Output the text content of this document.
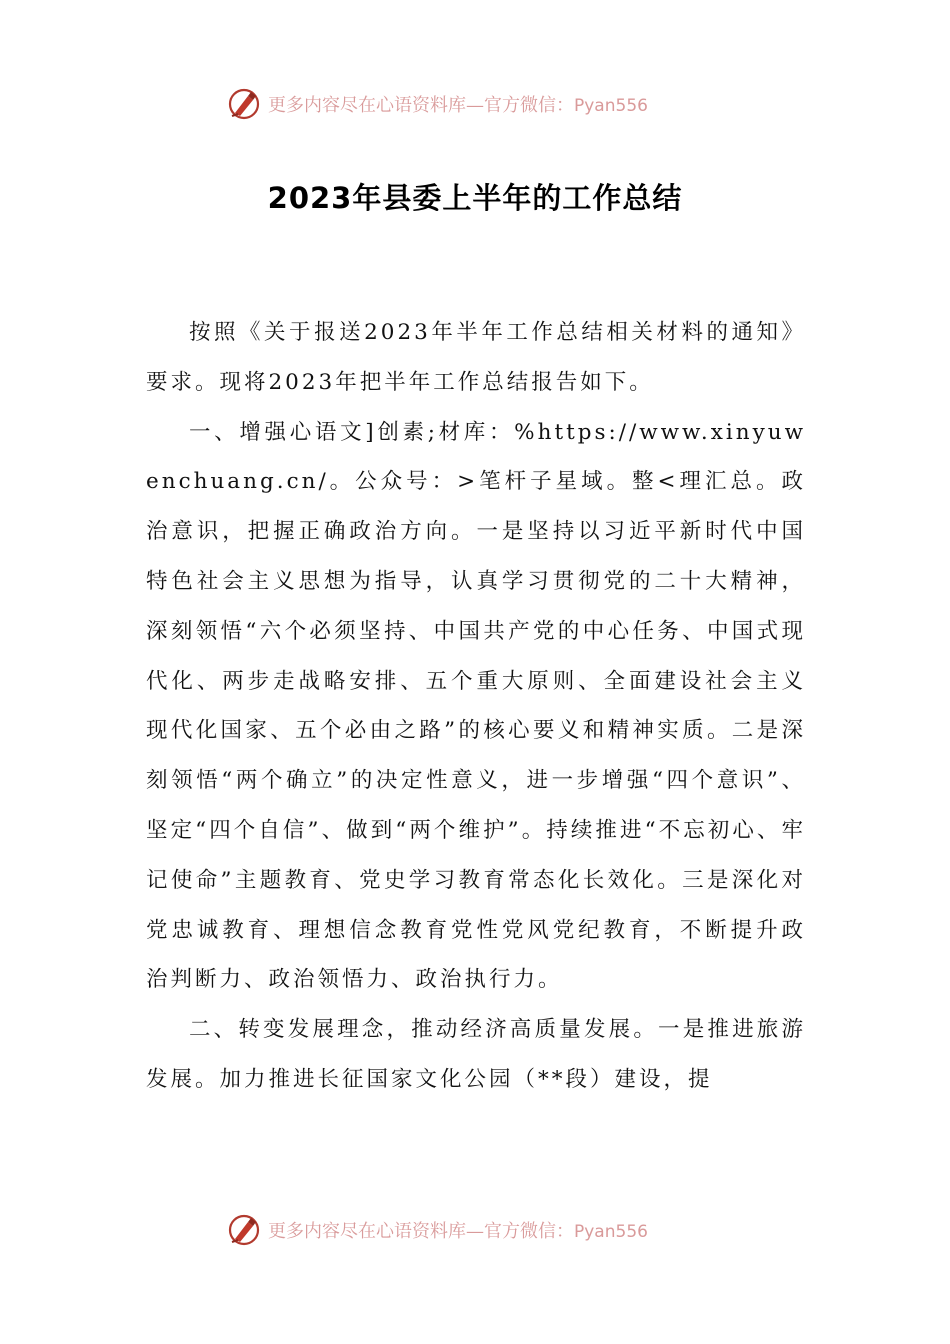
更多内容尽在心语资料库—官方微信：Pyan556
2023年县委上半年的工作总结

按照《关于报送2023年半年工作总结相关材料的通知》要求。现将2023年把半年工作总结报告如下。

一、增强心语文]创素;材库：%https://www.xinyuwenchuang.cn/。公众号：>笔杆子星域。整<理汇总。政治意识，把握正确政治方向。一是坚持以习近平新时代中国特色社会主义思想为指导，认真学习贯彻党的二十大精神，深刻领悟“六个必须坚持、中国共产党的中心任务、中国式现代化、两步走战略安排、五个重大原则、全面建设社会主义现代化国家、五个必由之路”的核心要义和精神实质。二是深刻领悟“两个确立”的决定性意义，进一步增强“四个意识”、坚定“四个自信”、做到“两个维护”。持续推进“不忘初心、牢记使命”主题教育、党史学习教育常态化长效化。三是深化对党忠诚教育、理想信念教育党性党风党纪教育，不断提升政治判断力、政治领悟力、政治执行力。

二、转变发展理念，推动经济高质量发展。一是推进旅游发展。加力推进长征国家文化公园（**段）建设，提

更多内容尽在心语资料库—官方微信：Pyan556
